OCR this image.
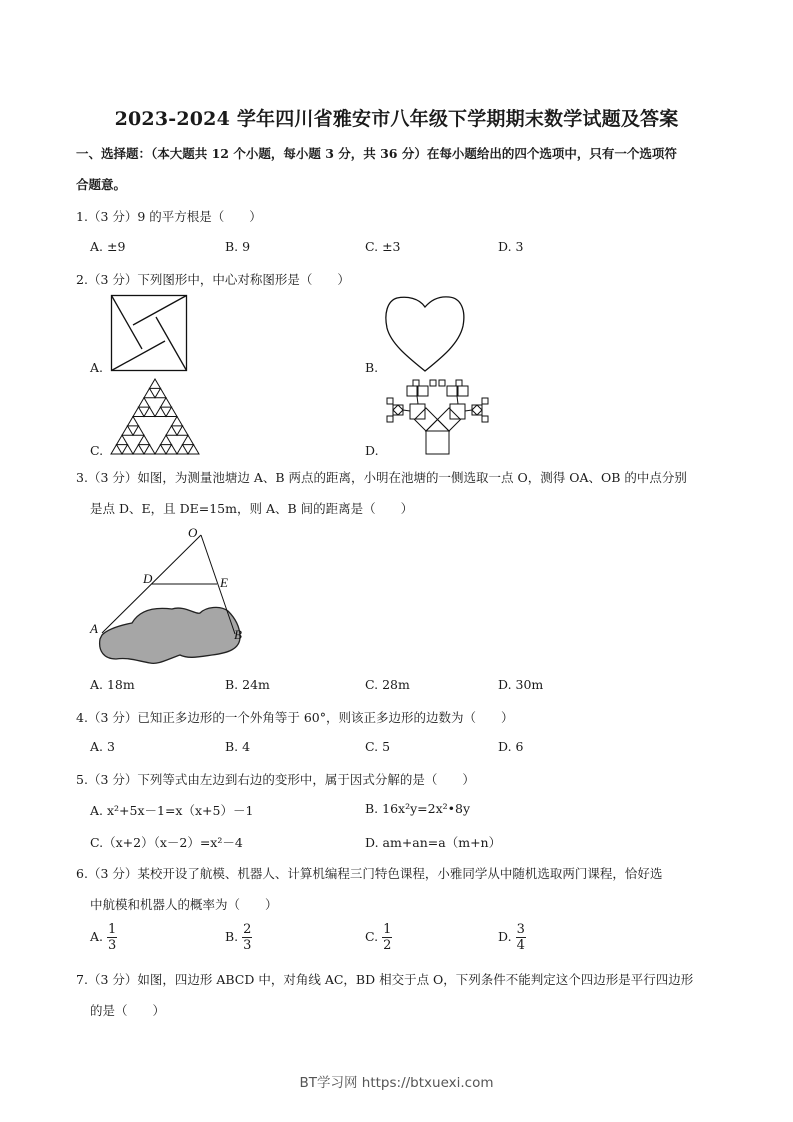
2023-2024 学年四川省雅安市八年级下学期期末数学试题及答案
一、选择题：（本大题共 12 个小题，每小题 3 分，共 36 分）在每小题给出的四个选项中，只有一个选项符
合题意。
1.（3 分）9 的平方根是（　　）
A. ±9	B. 9	C. ±3	D. 3
2.（3 分）下列图形中，中心对称图形是（　　）
A.	B.
C.	D.
3.（3 分）如图，为测量池塘边 A、B 两点的距离，小明在池塘的一侧选取一点 O，测得 OA、OB 的中点分别
是点 D、E，且 DE=15m，则 A、B 间的距离是（　　）
O
D	E
A	B
A. 18m	B. 24m	C. 28m	D. 30m
4.（3 分）已知正多边形的一个外角等于 60°，则该正多边形的边数为（　　）
A. 3	B. 4	C. 5	D. 6
5.（3 分）下列等式由左边到右边的变形中，属于因式分解的是（　　）
A. x²+5x－1=x（x+5）－1	B. 16x²y=2x²•8y
C.（x+2）（x－2）=x²－4	D. am+an=a（m+n）
6.（3 分）某校开设了航模、机器人、计算机编程三门特色课程，小雅同学从中随机选取两门课程，恰好选
中航模和机器人的概率为（　　）
A. $\frac{1}{3}$	B. $\frac{2}{3}$	C. $\frac{1}{2}$	D. $\frac{3}{4}$
7.（3 分）如图，四边形 ABCD 中，对角线 AC，BD 相交于点 O，下列条件不能判定这个四边形是平行四边形
的是（　　）
BT学习网 https://btxuexi.com
